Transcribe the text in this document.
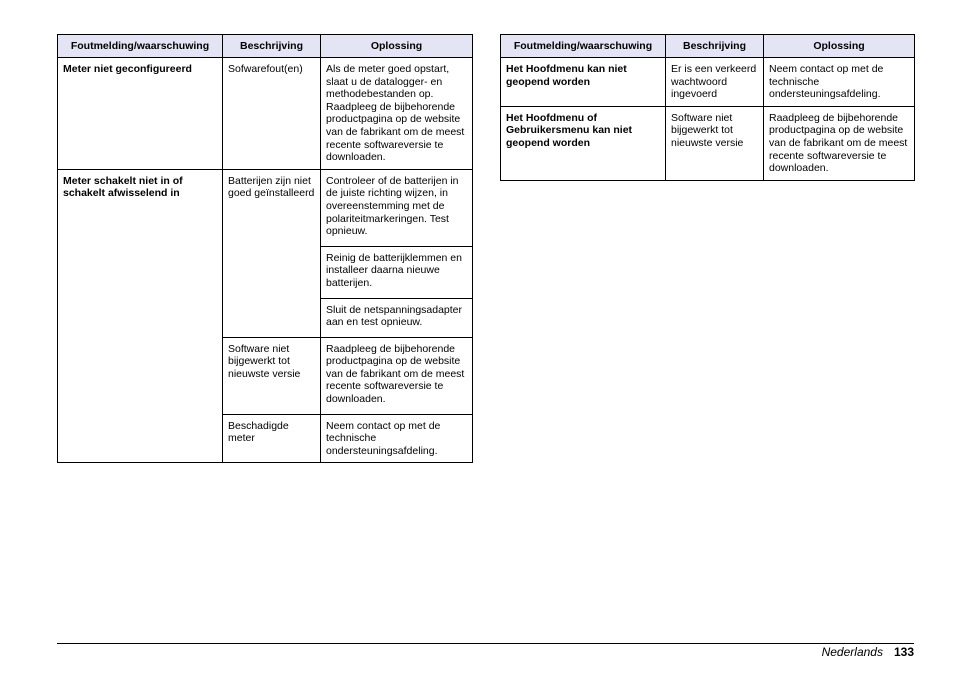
Foutmelding/waarschuwing	Beschrijving	Oplossing
Meter niet geconfigureerd	Sofwarefout(en)	Als de meter goed opstart, slaat u de datalogger- en methodebestanden op. Raadpleeg de bijbehorende productpagina op de website van de fabrikant om de meest recente softwareversie te downloaden.
Meter schakelt niet in of schakelt afwisselend in	Batterijen zijn niet goed geïnstalleerd	Controleer of de batterijen in de juiste richting wijzen, in overeenstemming met de polariteitmarkeringen. Test opnieuw.
		Reinig de batterijklemmen en installeer daarna nieuwe batterijen.
		Sluit de netspanningsadapter aan en test opnieuw.
	Software niet bijgewerkt tot nieuwste versie	Raadpleeg de bijbehorende productpagina op de website van de fabrikant om de meest recente softwareversie te downloaden.
	Beschadigde meter	Neem contact op met de technische ondersteuningsafdeling.
Foutmelding/waarschuwing	Beschrijving	Oplossing
Het Hoofdmenu kan niet geopend worden	Er is een verkeerd wachtwoord ingevoerd	Neem contact op met de technische ondersteuningsafdeling.
Het Hoofdmenu of Gebruikersmenu kan niet geopend worden	Software niet bijgewerkt tot nieuwste versie	Raadpleeg de bijbehorende productpagina op de website van de fabrikant om de meest recente softwareversie te downloaden.
Nederlands 133
